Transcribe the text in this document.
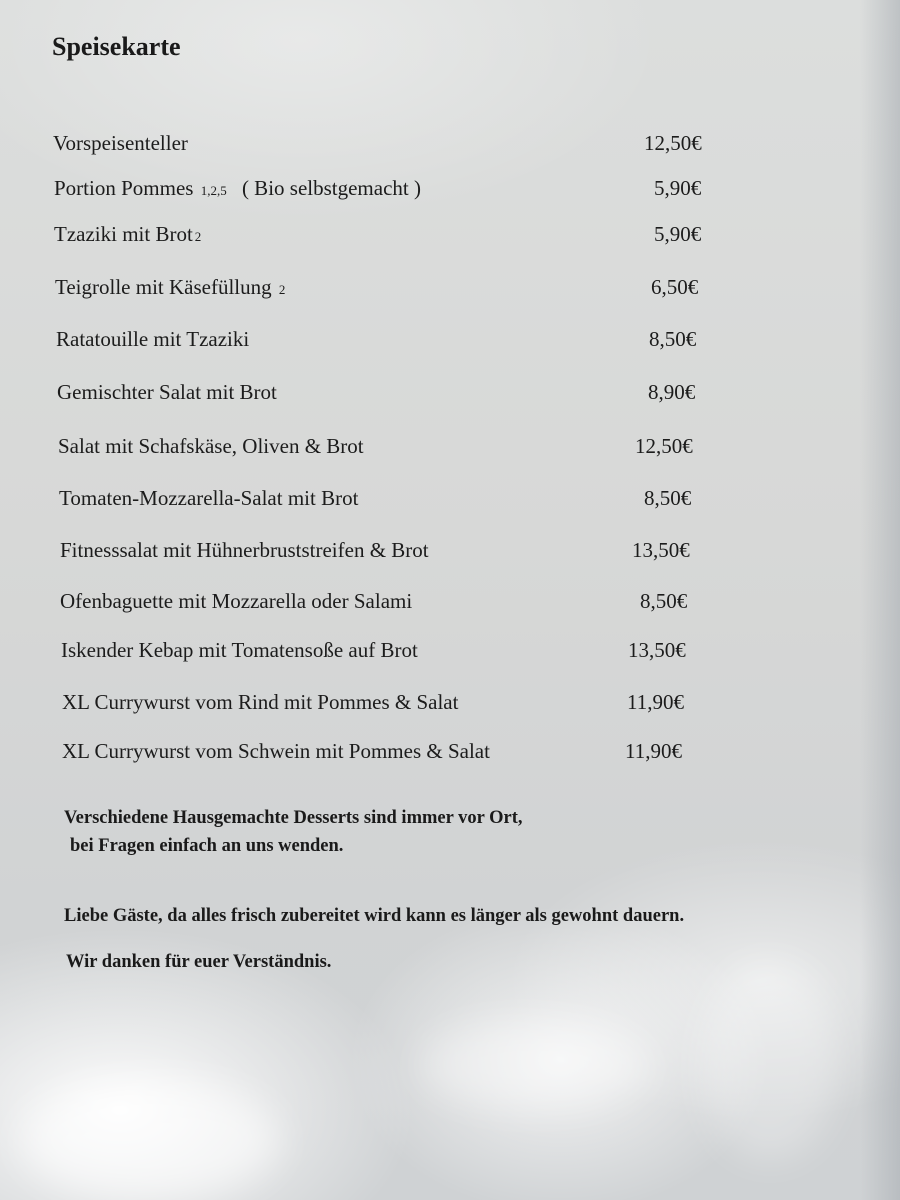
Speisekarte
Vorspeisenteller	12,50€
Portion Pommes 1,2,5 ( Bio selbstgemacht )	5,90€
Tzaziki mit Brot 2	5,90€
Teigrolle mit Käsefüllung 2	6,50€
Ratatouille mit Tzaziki	8,50€
Gemischter Salat mit Brot	8,90€
Salat mit Schafskäse, Oliven & Brot	12,50€
Tomaten-Mozzarella-Salat mit Brot	8,50€
Fitnesssalat mit Hühnerbruststreifen & Brot	13,50€
Ofenbaguette mit Mozzarella oder Salami	8,50€
Iskender Kebap mit Tomatensoße auf Brot	13,50€
XL Currywurst vom Rind mit Pommes & Salat	11,90€
XL Currywurst vom Schwein mit Pommes & Salat	11,90€

Verschiedene Hausgemachte Desserts sind immer vor Ort,

bei Fragen einfach an uns wenden.

Liebe Gäste, da alles frisch zubereitet wird kann es länger als gewohnt dauern.

Wir danken für euer Verständnis.
